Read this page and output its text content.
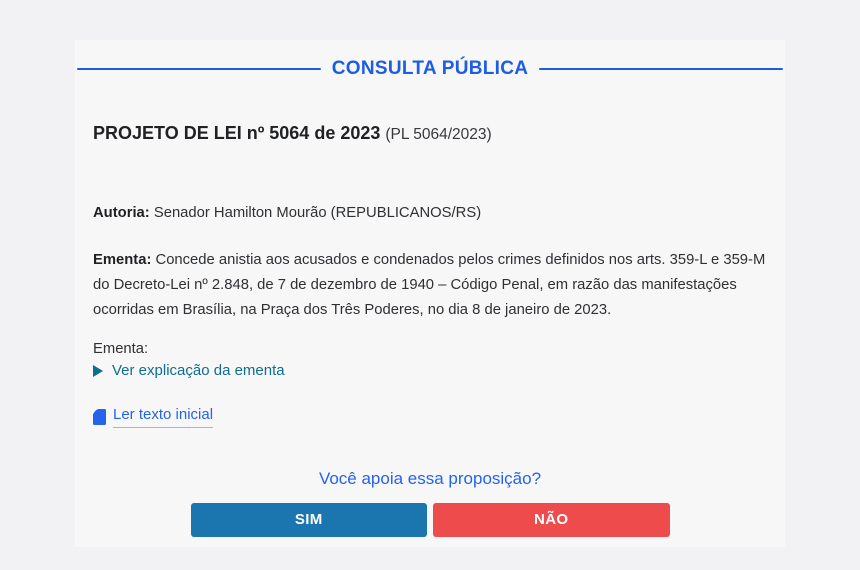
CONSULTA PÚBLICA
PROJETO DE LEI nº 5064 de 2023 (PL 5064/2023)

Autoria: Senador Hamilton Mourão (REPUBLICANOS/RS)

Ementa: Concede anistia aos acusados e condenados pelos crimes definidos nos arts. 359-L e 359-M do Decreto-Lei nº 2.848, de 7 de dezembro de 1940 – Código Penal, em razão das manifestações ocorridas em Brasília, na Praça dos Três Poderes, no dia 8 de janeiro de 2023.

Ementa:

Ver explicação da ementa
Ler texto inicial

Você apoia essa proposição?

SIM	NÃO
